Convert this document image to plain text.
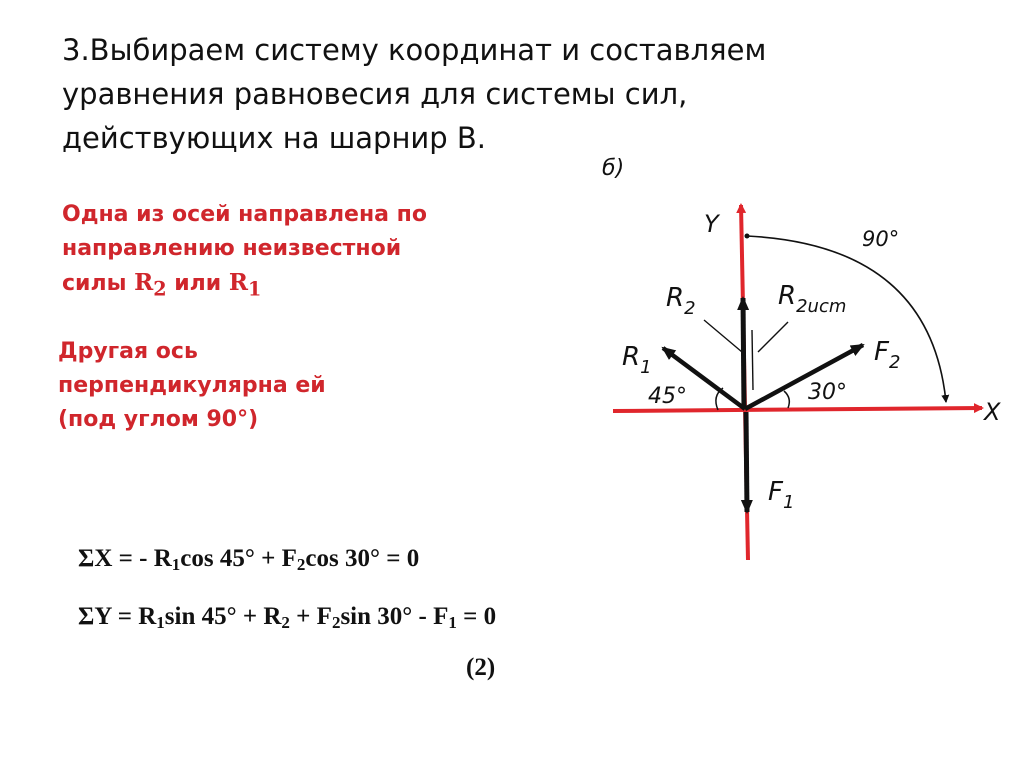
3.Выбираем систему координат и составляем
уравнения равновесия для системы сил,
действующих на шарнир В.
Одна из осей направлена по
направлению неизвестной
силы $R_2$ или $R_1$
Другая ось
перпендикулярна ей
(под углом 90°)
б)
Y
X
90°
$R_2$	$R_{2ucm}$
$R_1$
$F_2$
$F_1$
45°	30°
ΣX = - $R_1\cos$ $45^\circ + F_2\cos$ 30° = 0
$\Sigma Y = R_1\sin$ $45^\circ + R_2 + F_2\sin$ $30^\circ - F_1 = 0$
(2)
